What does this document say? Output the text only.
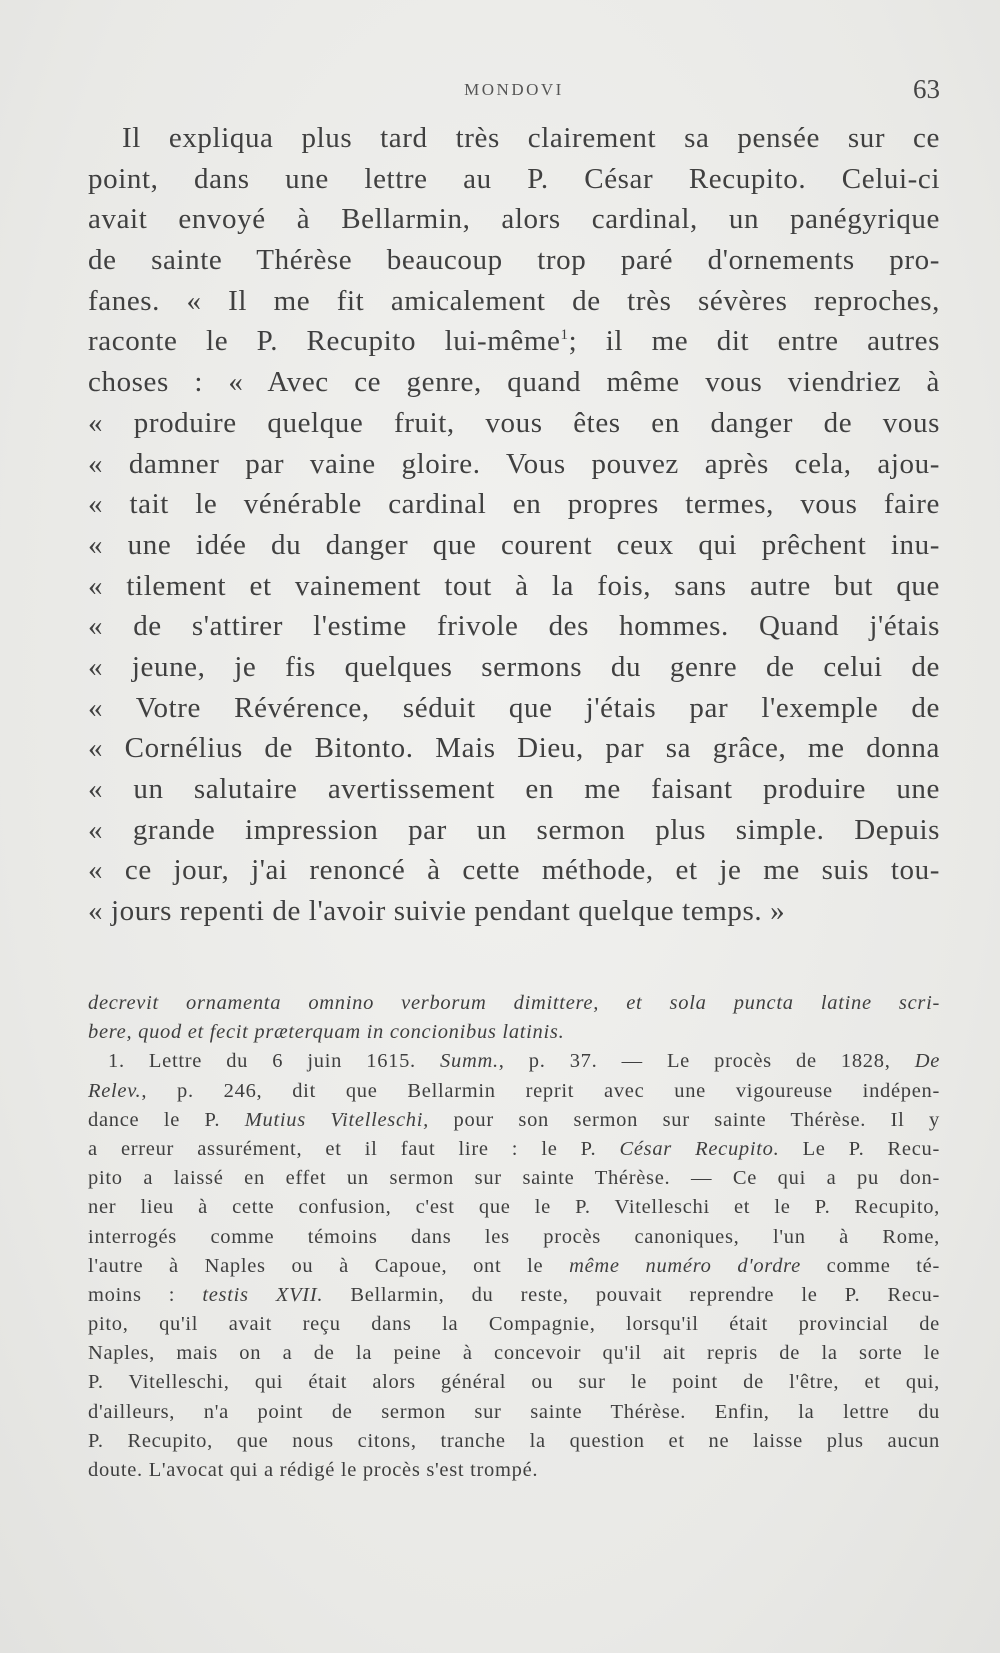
MONDOVI	63
Il expliqua plus tard très clairement sa pensée sur ce
point, dans une lettre au P. César Recupito. Celui-ci
avait envoyé à Bellarmin, alors cardinal, un panégyrique
de sainte Thérèse beaucoup trop paré d'ornements pro-
fanes. « Il me fit amicalement de très sévères reproches,
raconte le P. Recupito lui-même$^1$; il me dit entre autres
choses : « Avec ce genre, quand même vous viendriez à
« produire quelque fruit, vous êtes en danger de vous
« damner par vaine gloire. Vous pouvez après cela, ajou-
« tait le vénérable cardinal en propres termes, vous faire
« une idée du danger que courent ceux qui prêchent inu-
« tilement et vainement tout à la fois, sans autre but que
« de s'attirer l'estime frivole des hommes. Quand j'étais
« jeune, je fis quelques sermons du genre de celui de
« Votre Révérence, séduit que j'étais par l'exemple de
« Cornélius de Bitonto. Mais Dieu, par sa grâce, me donna
« un salutaire avertissement en me faisant produire une
« grande impression par un sermon plus simple. Depuis
« ce jour, j'ai renoncé à cette méthode, et je me suis tou-
« jours repenti de l'avoir suivie pendant quelque temps. »
decrevit ornamenta omnino verborum dimittere, et sola puncta latine scri-
bere, quod et fecit præterquam in concionibus latinis.
1. Lettre du 6 juin 1615. Summ., p. 37. — Le procès de 1828, De
Relev., p. 246, dit que Bellarmin reprit avec une vigoureuse indépen-
dance le P. Mutius Vitelleschi, pour son sermon sur sainte Thérèse. Il y
a erreur assurément, et il faut lire : le P. César Recupito. Le P. Recu-
pito a laissé en effet un sermon sur sainte Thérèse. — Ce qui a pu don-
ner lieu à cette confusion, c'est que le P. Vitelleschi et le P. Recupito,
interrogés comme témoins dans les procès canoniques, l'un à Rome,
l'autre à Naples ou à Capoue, ont le même numéro d'ordre comme té-
moins : testis XVII. Bellarmin, du reste, pouvait reprendre le P. Recu-
pito, qu'il avait reçu dans la Compagnie, lorsqu'il était provincial de
Naples, mais on a de la peine à concevoir qu'il ait repris de la sorte le
P. Vitelleschi, qui était alors général ou sur le point de l'être, et qui,
d'ailleurs, n'a point de sermon sur sainte Thérèse. Enfin, la lettre du
P. Recupito, que nous citons, tranche la question et ne laisse plus aucun
doute. L'avocat qui a rédigé le procès s'est trompé.
